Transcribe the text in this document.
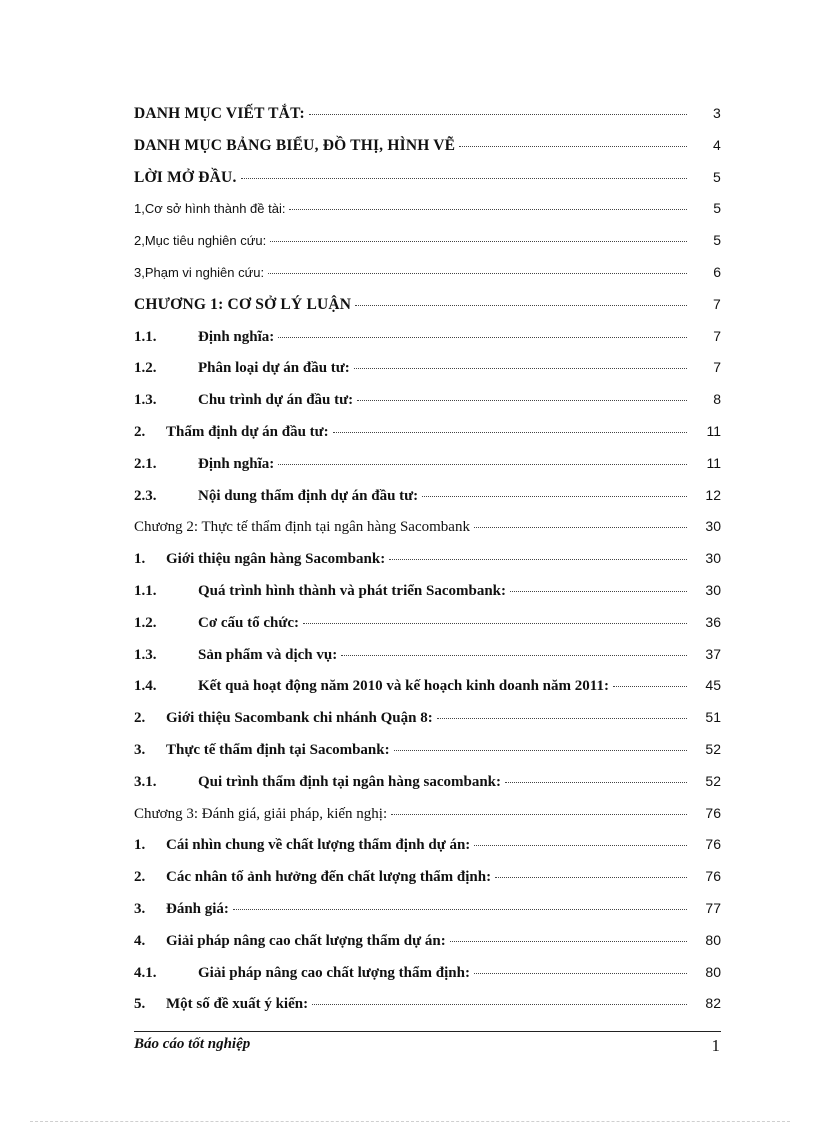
DANH MỤC VIẾT TẮT:	3
DANH MỤC BẢNG BIỂU, ĐỒ THỊ, HÌNH VẼ	4
LỜI MỞ ĐẦU.	5
1,Cơ sở hình thành đề tài:	5
2,Mục tiêu nghiên cứu:	5
3,Phạm vi nghiên cứu:	6
CHƯƠNG 1: CƠ SỞ LÝ LUẬN	7
1.1.	Định nghĩa:	7
1.2.	Phân loại dự án đầu tư:	7
1.3.	Chu trình dự án đầu tư:	8
2.	Thẩm định dự án đầu tư:	11
2.1.	Định nghĩa:	11
2.3.	Nội dung thẩm định dự án đầu tư:	12
Chương 2: Thực tế thẩm định tại ngân hàng Sacombank	30
1.	Giới thiệu ngân hàng Sacombank:	30
1.1.	Quá trình hình thành và phát triển Sacombank:	30
1.2.	Cơ cấu tổ chức:	36
1.3.	Sản phẩm và dịch vụ:	37
1.4.	Kết quả hoạt động năm 2010 và kế hoạch kinh doanh năm 2011:	45
2.	Giới thiệu Sacombank chi nhánh Quận 8:	51
3.	Thực tế thẩm định tại Sacombank:	52
3.1.	Qui trình thẩm định tại ngân hàng sacombank:	52
Chương 3: Đánh giá, giải pháp, kiến nghị:	76
1.	Cái nhìn chung về chất lượng thẩm định dự án:	76
2.	Các nhân tố ảnh hưởng đến chất lượng thẩm định:	76
3.	Đánh giá:	77
4.	Giải pháp nâng cao chất lượng thẩm dự án:	80
4.1.	Giải pháp nâng cao chất lượng thẩm định:	80
5.	Một số đề xuất ý kiến:	82
Báo cáo tốt nghiệp	1
